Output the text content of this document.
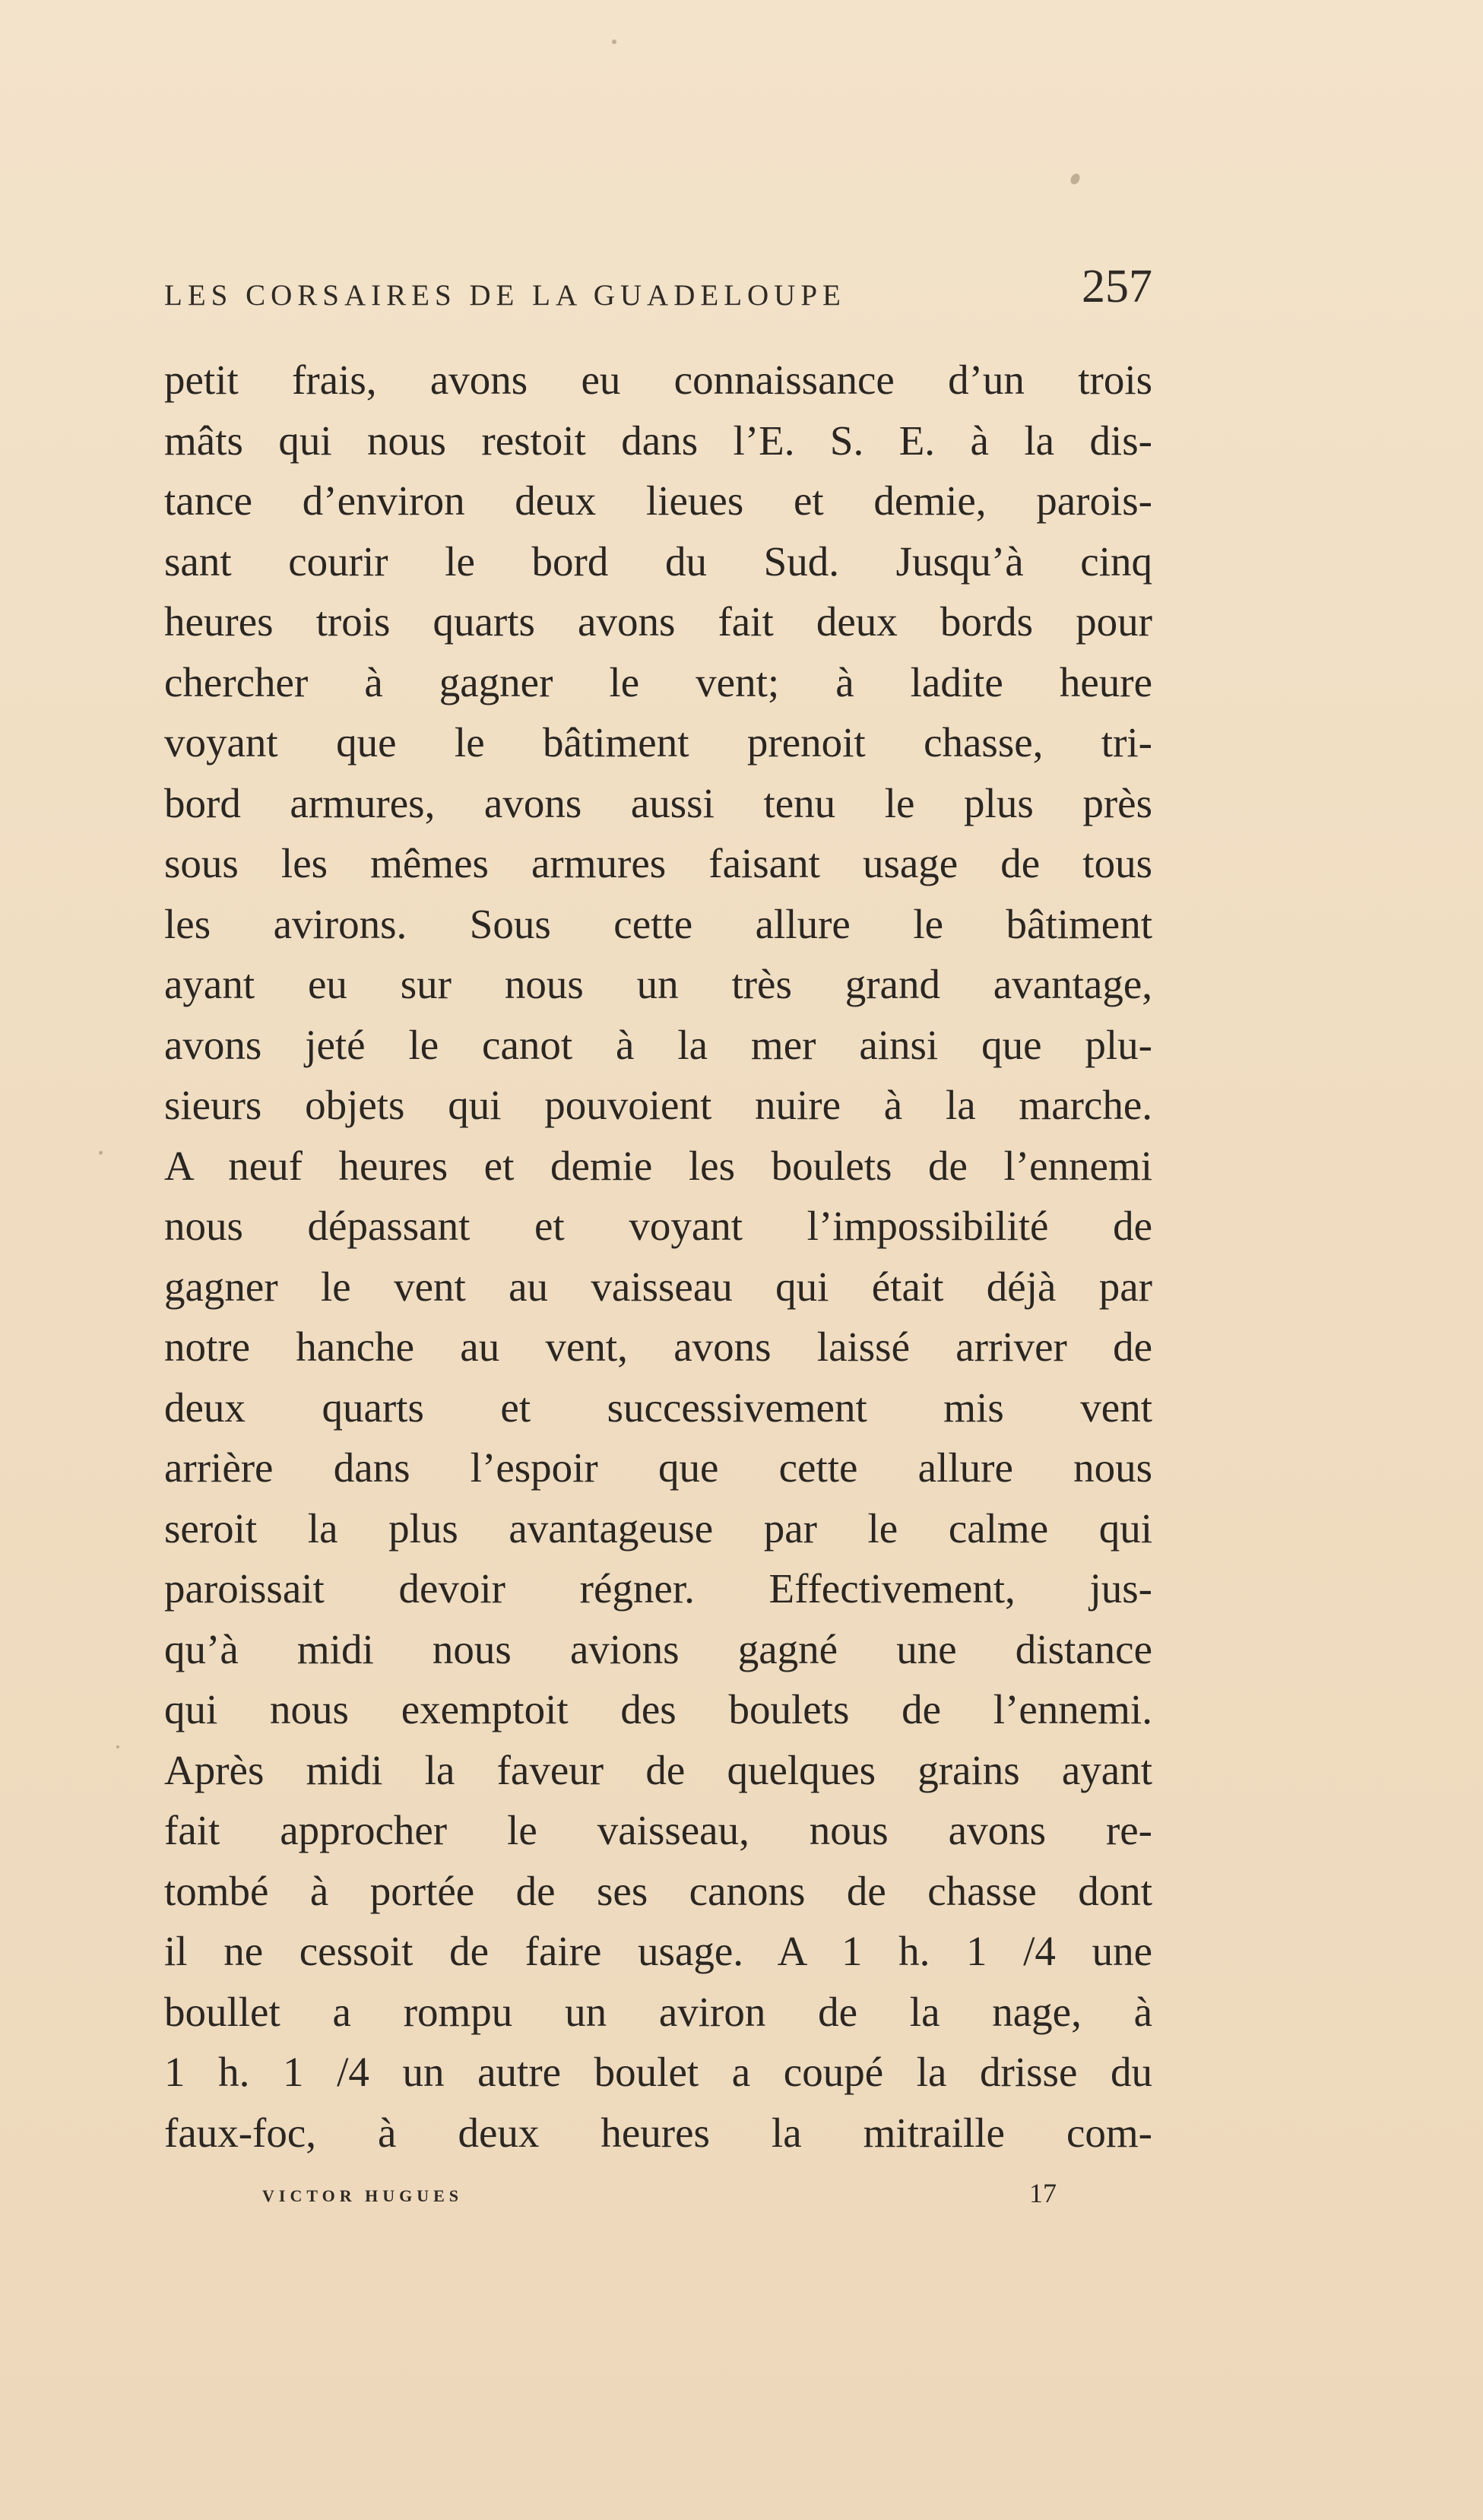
LES CORSAIRES DE LA GUADELOUPE	257
petit frais, avons eu connaissance d’un trois
mâts qui nous restoit dans l’E. S. E. à la dis-
tance d’environ deux lieues et demie, parois-
sant courir le bord du Sud. Jusqu’à cinq
heures trois quarts avons fait deux bords pour
chercher à gagner le vent; à ladite heure
voyant que le bâtiment prenoit chasse, tri-
bord armures, avons aussi tenu le plus près
sous les mêmes armures faisant usage de tous
les avirons. Sous cette allure le bâtiment
ayant eu sur nous un très grand avantage,
avons jeté le canot à la mer ainsi que plu-
sieurs objets qui pouvoient nuire à la marche.
A neuf heures et demie les boulets de l’ennemi
nous dépassant et voyant l’impossibilité de
gagner le vent au vaisseau qui était déjà par
notre hanche au vent, avons laissé arriver de
deux quarts et successivement mis vent
arrière dans l’espoir que cette allure nous
seroit la plus avantageuse par le calme qui
paroissait devoir régner. Effectivement, jus-
qu’à midi nous avions gagné une distance
qui nous exemptoit des boulets de l’ennemi.
Après midi la faveur de quelques grains ayant
fait approcher le vaisseau, nous avons re-
tombé à portée de ses canons de chasse dont
il ne cessoit de faire usage. A 1 h. 1 /4 une
boullet a rompu un aviron de la nage, à
1 h. 1 /4 un autre boulet a coupé la drisse du
faux-foc, à deux heures la mitraille com-
VICTOR HUGUES	17
